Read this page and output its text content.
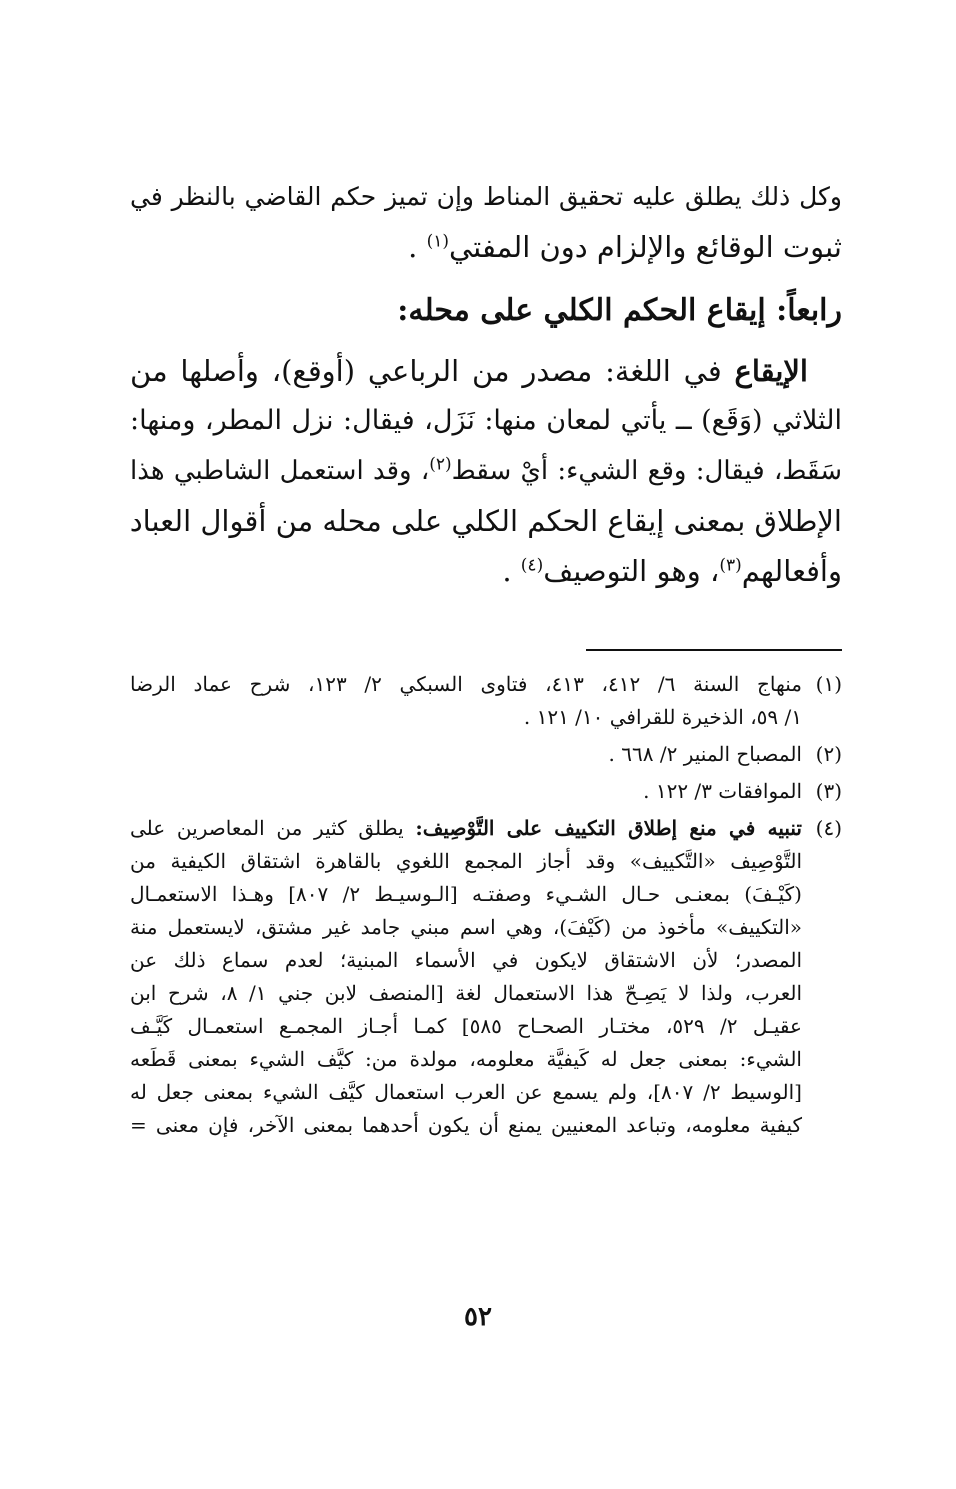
وكل ذلك يطلق عليه تحقيق المناط وإن تميز حكم القاضي بالنظر في

ثبوت الوقائع والإلزام دون المفتي$^{(١)}$ .

رابعاً: إيقاع الحكم الكلي على محله:

الإيقاع في اللغة: مصدر من الرباعي (أوقع)، وأصلها من

الثلاثي (وَقَع) ــ يأتي لمعان منها: نَزَل، فيقال: نزل المطر، ومنها:

سَقَط، فيقال: وقع الشيء: أيْ سقط$^{(٢)}$، وقد استعمل الشاطبي هذا

الإطلاق بمعنى إيقاع الحكم الكلي على محله من أقوال العباد

وأفعالهم$^{(٣)}$، وهو التوصيف$^{(٤)}$ .

(١)

منهاج السنة ٦/ ٤١٢، ٤١٣، فتاوى السبكي ٢/ ١٢٣، شرح عماد الرضا

١/ ٥٩، الذخيرة للقرافي ١٠/ ١٢١ .

(٢)

المصباح المنير ٢/ ٦٦٨ .

(٣)

الموافقات ٣/ ١٢٢ .

(٤)

تنبيه في منع إطلاق التكييف على التَّوْصِيف: يطلق كثير من المعاصرين على

التَّوْصِيف «التَّكييف» وقد أجاز المجمع اللغوي بالقاهرة اشتقاق الكيفية من

(كَيْـفَ) بمعنـى حـال الشـيء وصفتـه [الـوسيـط ٢/ ٨٠٧] وهـذا الاستعمـال

«التكييف» مأخوذ من (كَيْفَ)، وهي اسم مبني جامد غير مشتق، لايستعمل منة

المصدر؛ لأن الاشتقاق لايكون في الأسماء المبنية؛ لعدم سماع ذلك عن

العرب، ولذا لا يَصِـحّ هذا الاستعمال لغة [المنصف لابن جني ١/ ٨، شرح ابن

عقيـل ٢/ ٥٢٩، مختـار الصحـاح ٥٨٥] كمـا أجـاز المجمـع استعمـال كَيَّـف

الشيء: بمعنى جعل له كَيفيَّة معلومه، مولدة من: كيَّف الشيء بمعنى قَطَعه

[الوسيط ٢/ ٨٠٧]، ولم يسمع عن العرب استعمال كيَّف الشيء بمعنى جعل له

كيفية معلومه، وتباعد المعنيين يمنع أن يكون أحدهما بمعنى الآخر، فإن معنى =

٥٢
